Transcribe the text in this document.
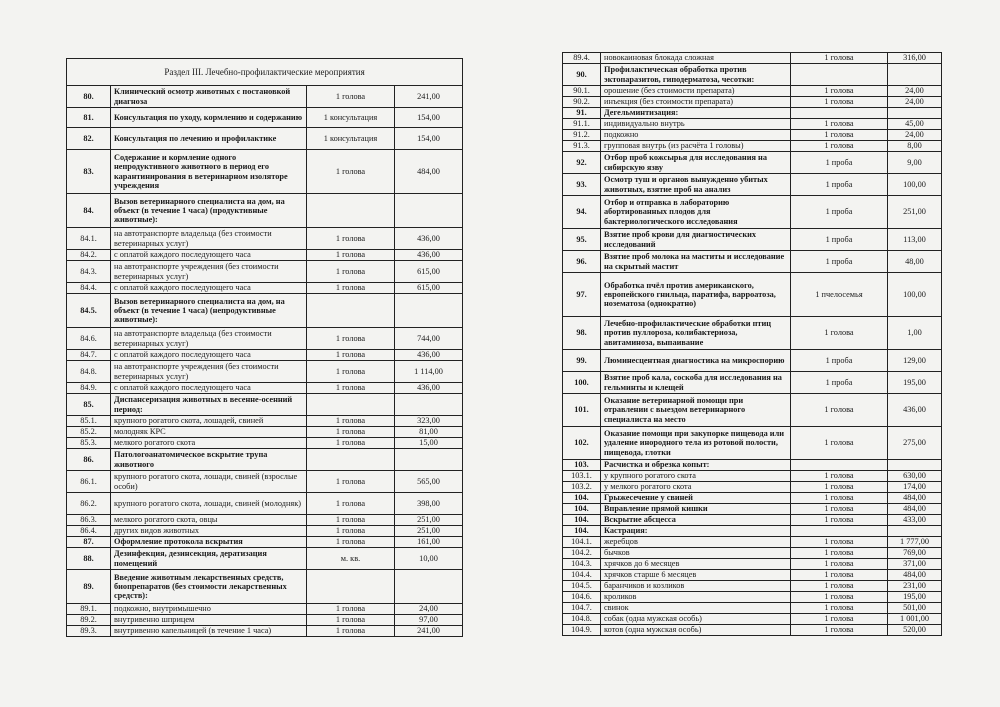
Раздел III. Лечебно-профилактические мероприятия			
80.	Клинический осмотр животных с постановкой диагноза	1 голова	241,00
81.	Консультация по уходу, кормлению и содержанию	1 консультация	154,00
82.	Консультация по лечению и профилактике	1 консультация	154,00
83.	Содержание и кормление одного непродуктивного животного в период его карантинирования в ветеринарном изоляторе учреждения	1 голова	484,00
84.	Вызов ветеринарного специалиста на дом, на объект (в течение 1 часа) (продуктивные животные):		
84.1.	на автотранспорте владельца (без стоимости ветеринарных услуг)	1 голова	436,00
84.2.	с оплатой каждого последующего часа	1 голова	436,00
84.3.	на автотранспорте учреждения (без стоимости ветеринарных услуг)	1 голова	615,00
84.4.	с оплатой каждого последующего часа	1 голова	615,00
84.5.	Вызов ветеринарного специалиста на дом, на объект (в течение 1 часа) (непродуктивные животные):		
84.6.	на автотранспорте владельца (без стоимости ветеринарных услуг)	1 голова	744,00
84.7.	с оплатой каждого последующего часа	1 голова	436,00
84.8.	на автотранспорте учреждения (без стоимости ветеринарных услуг)	1 голова	1 114,00
84.9.	с оплатой каждого последующего часа	1 голова	436,00
85.	Диспансеризация животных в весенне-осенний период:		
85.1.	крупного рогатого скота, лошадей, свиней	1 голова	323,00
85.2.	молодняк КРС	1 голова	81,00
85.3.	мелкого рогатого скота	1 голова	15,00
86.	Патологоанатомическое вскрытие трупа животного		
86.1.	крупного рогатого скота, лошади, свиней (взрослые особи)	1 голова	565,00
86.2.	крупного рогатого скота, лошади, свиней (молодняк)	1 голова	398,00
86.3.	мелкого рогатого скота, овцы	1 голова	251,00
86.4.	других видов животных	1 голова	251,00
87.	Оформление протокола вскрытия	1 голова	161,00
88.	Дезинфекция, дезинсекция, дератизация помещений	м. кв.	10,00
89.	Введение животным лекарственных средств, биопрепаратов (без стоимости лекарственных средств):		
89.1.	подкожно, внутримышечно	1 голова	24,00
89.2.	внутривенно шприцем	1 голова	97,00
89.3.	внутривенно капельницей (в течение 1 часа)	1 голова	241,00
89.4.	новокаиновая блокада сложная	1 голова	316,00
90.	Профилактическая обработка против эктопаразитов, гиподерматоза, чесотки:		
90.1.	орошение (без стоимости препарата)	1 голова	24,00
90.2.	инъекция (без стоимости препарата)	1 голова	24,00
91.	Дегельминтизация:		
91.1.	индивидуально внутрь	1 голова	45,00
91.2.	подкожно	1 голова	24,00
91.3.	групповая внутрь (из расчёта 1 головы)	1 голова	8,00
92.	Отбор проб кожсырья для исследования на сибирскую язву	1 проба	9,00
93.	Осмотр туш и органов вынужденно убитых животных, взятие проб на анализ	1 проба	100,00
94.	Отбор и отправка в лабораторию абортированных плодов для бактериологического исследования	1 проба	251,00
95.	Взятие проб крови для диагностических исследований	1 проба	113,00
96.	Взятие проб молока на маститы и исследование на скрытый мастит	1 проба	48,00
97.	Обработка пчёл против американского, европейского гнильца, паратифа, варроатоза, нозематоза (однократно)	1 пчелосемья	100,00
98.	Лечебно-профилактические обработки птиц против пуллороза, колибактериоза, авитаминоза, выпаивание	1 голова	1,00
99.	Люминесцентная диагностика на микроспорию	1 проба	129,00
100.	Взятие проб кала, соскоба для исследования на гельминты и клещей	1 проба	195,00
101.	Оказание ветеринарной помощи при отравлении с выездом ветеринарного специалиста на место	1 голова	436,00
102.	Оказание помощи при закупорке пищевода или удаление инородного тела из ротовой полости, пищевода, глотки	1 голова	275,00
103.	Расчистка и обрезка копыт:		
103.1.	у крупного рогатого скота	1 голова	630,00
103.2.	у мелкого рогатого скота	1 голова	174,00
104.	Грыжесечение у свиней	1 голова	484,00
104.	Вправление прямой кишки	1 голова	484,00
104.	Вскрытие абсцесса	1 голова	433,00
104.	Кастрация:		
104.1.	жеребцов	1 голова	1 777,00
104.2.	бычков	1 голова	769,00
104.3.	хрячков до 6 месяцев	1 голова	371,00
104.4.	хрячков старше 6 месяцев	1 голова	484,00
104.5.	баранчиков и козликов	1 голова	231,00
104.6.	кроликов	1 голова	195,00
104.7.	свинок	1 голова	501,00
104.8.	собак (одна мужская особь)	1 голова	1 001,00
104.9.	котов (одна мужская особь)	1 голова	520,00
